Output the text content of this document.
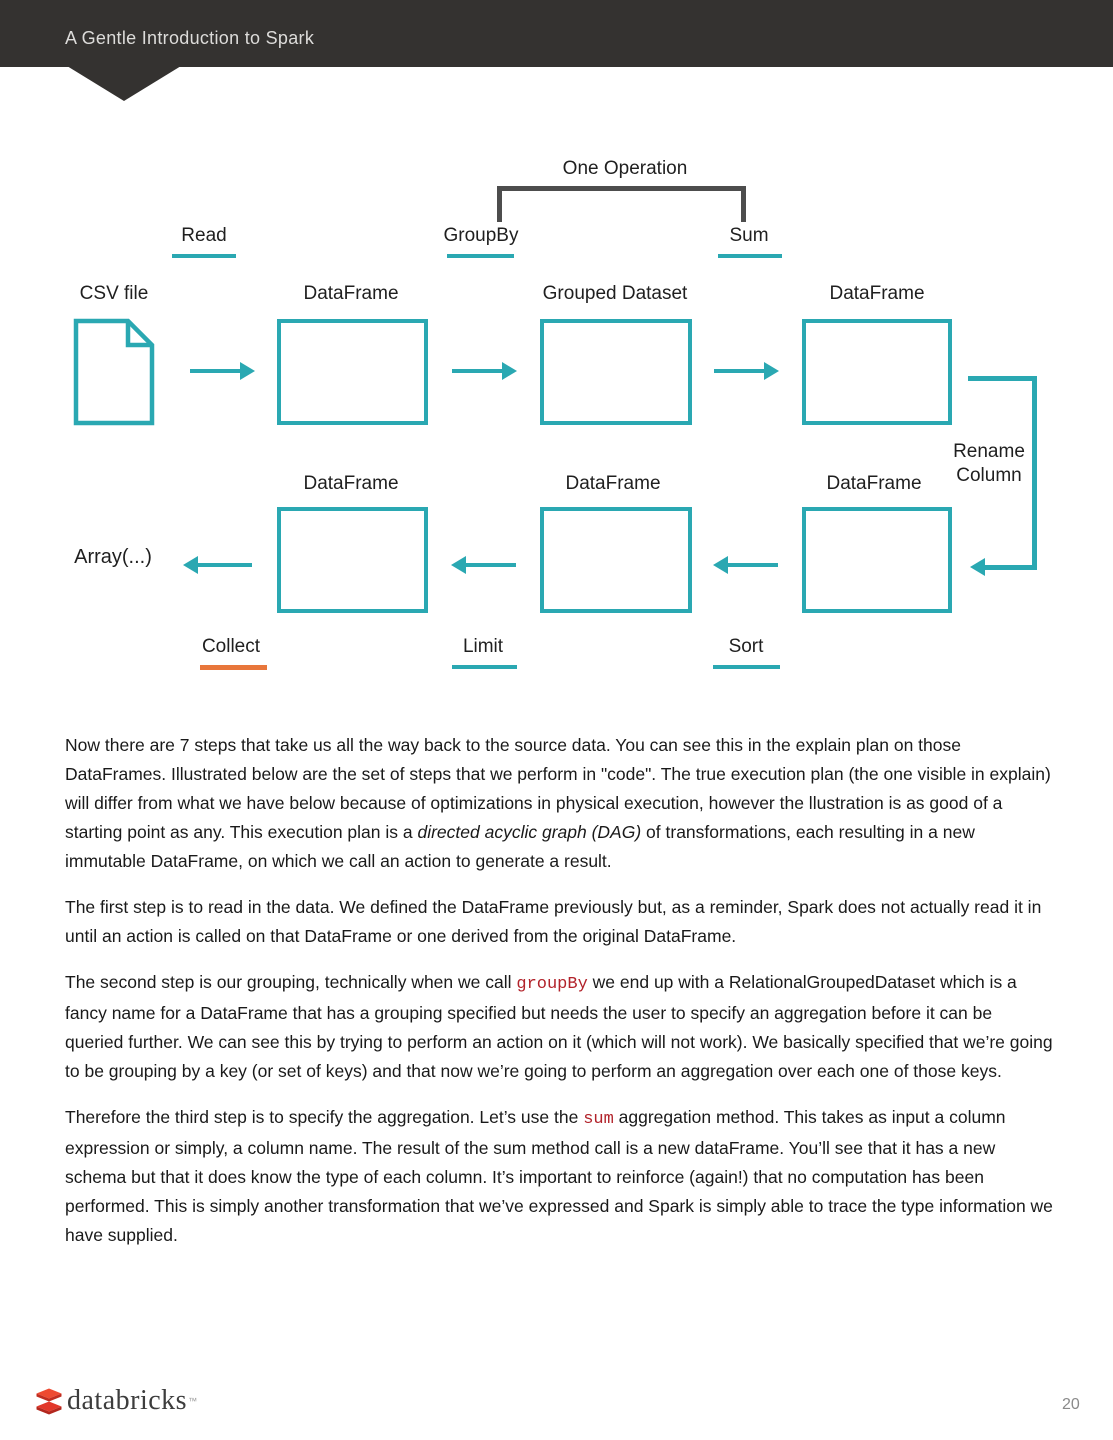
A Gentle Introduction to Spark
One Operation
Read	GroupBy	Sum
CSV file	DataFrame	Grouped Dataset	DataFrame
Rename
Column
DataFrame	DataFrame	DataFrame
Array(...)
Collect	Limit	Sort

Now there are 7 steps that take us all the way back to the source data. You can see this in the explain plan on those DataFrames. Illustrated below are the set of steps that we perform in "code". The true execution plan (the one visible in explain) will differ from what we have below because of optimizations in physical execution, however the llustration is as good of a starting point as any. This execution plan is a directed acyclic graph (DAG) of transformations, each resulting in a new immutable DataFrame, on which we call an action to generate a result.

The first step is to read in the data. We defined the DataFrame previously but, as a reminder, Spark does not actually read it in until an action is called on that DataFrame or one derived from the original DataFrame.

The second step is our grouping, technically when we call groupBy we end up with a RelationalGroupedDataset which is a fancy name for a DataFrame that has a grouping specified but needs the user to specify an aggregation before it can be queried further. We can see this by trying to perform an action on it (which will not work). We basically specified that we’re going to be grouping by a key (or set of keys) and that now we’re going to perform an aggregation over each one of those keys.

Therefore the third step is to specify the aggregation. Let’s use the sum aggregation method. This takes as input a column expression or simply, a column name. The result of the sum method call is a new dataFrame. You’ll see that it has a new schema but that it does know the type of each column. It’s important to reinforce (again!) that no computation has been performed. This is simply another transformation that we’ve expressed and Spark is simply able to trace the type information we have supplied.

databricks ™	20
